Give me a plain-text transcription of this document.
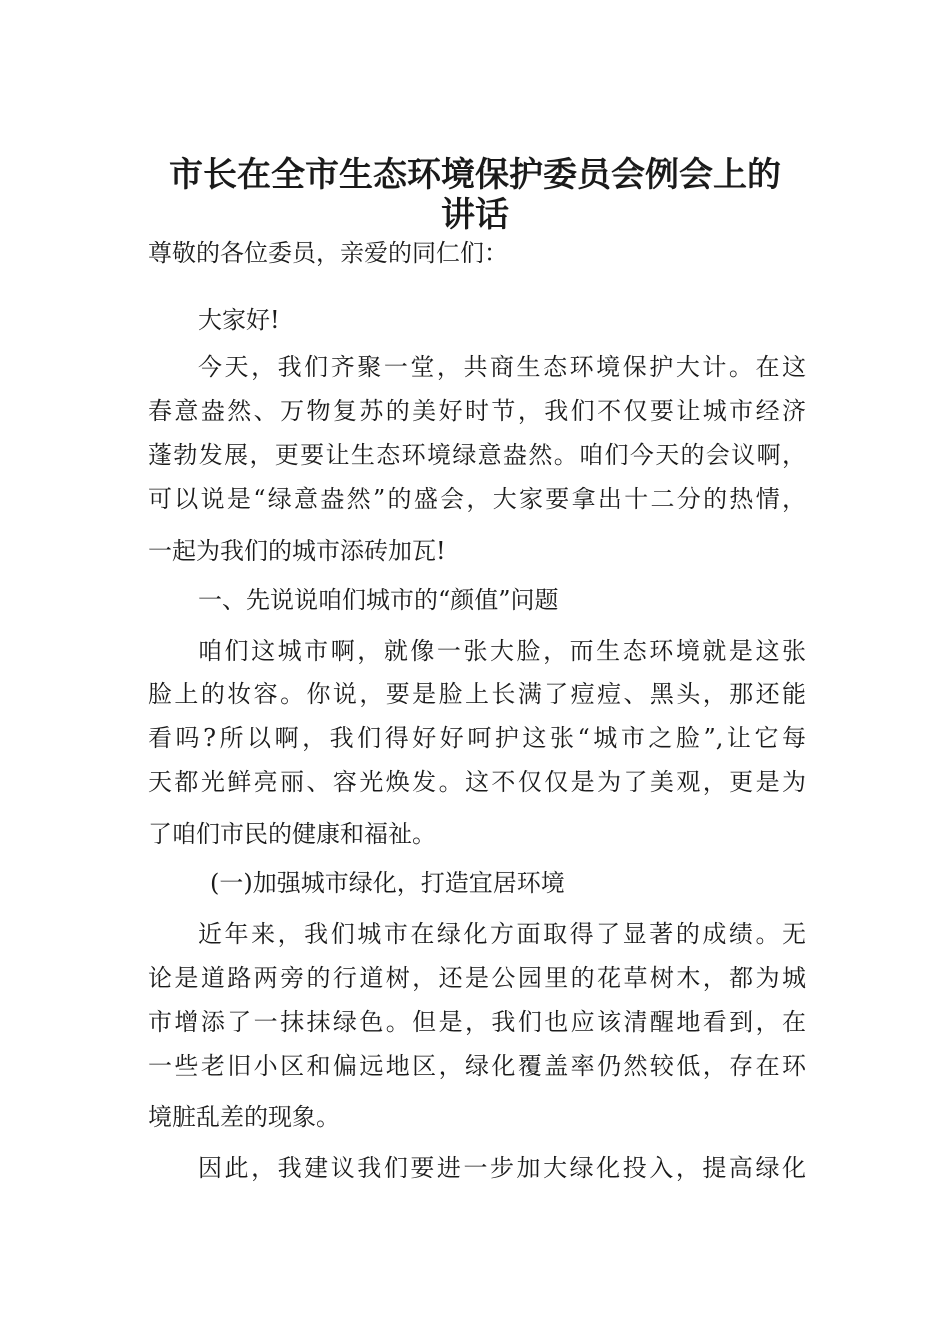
市长在全市生态环境保护委员会例会上的
讲话
尊敬的各位委员，亲爱的同仁们：
大家好!
今天，我们齐聚一堂，共商生态环境保护大计。在这
春意盎然、万物复苏的美好时节，我们不仅要让城市经济
蓬勃发展，更要让生态环境绿意盎然。咱们今天的会议啊，
可以说是“绿意盎然”的盛会，大家要拿出十二分的热情，
一起为我们的城市添砖加瓦!
一、先说说咱们城市的“颜值”问题
咱们这城市啊，就像一张大脸，而生态环境就是这张
脸上的妆容。你说，要是脸上长满了痘痘、黑头，那还能
看吗?所以啊，我们得好好呵护这张“城市之脸”,让它每
天都光鲜亮丽、容光焕发。这不仅仅是为了美观，更是为
了咱们市民的健康和福祉。
(一)加强城市绿化，打造宜居环境
近年来，我们城市在绿化方面取得了显著的成绩。无
论是道路两旁的行道树，还是公园里的花草树木，都为城
市增添了一抹抹绿色。但是，我们也应该清醒地看到，在
一些老旧小区和偏远地区，绿化覆盖率仍然较低，存在环
境脏乱差的现象。
因此，我建议我们要进一步加大绿化投入，提高绿化
